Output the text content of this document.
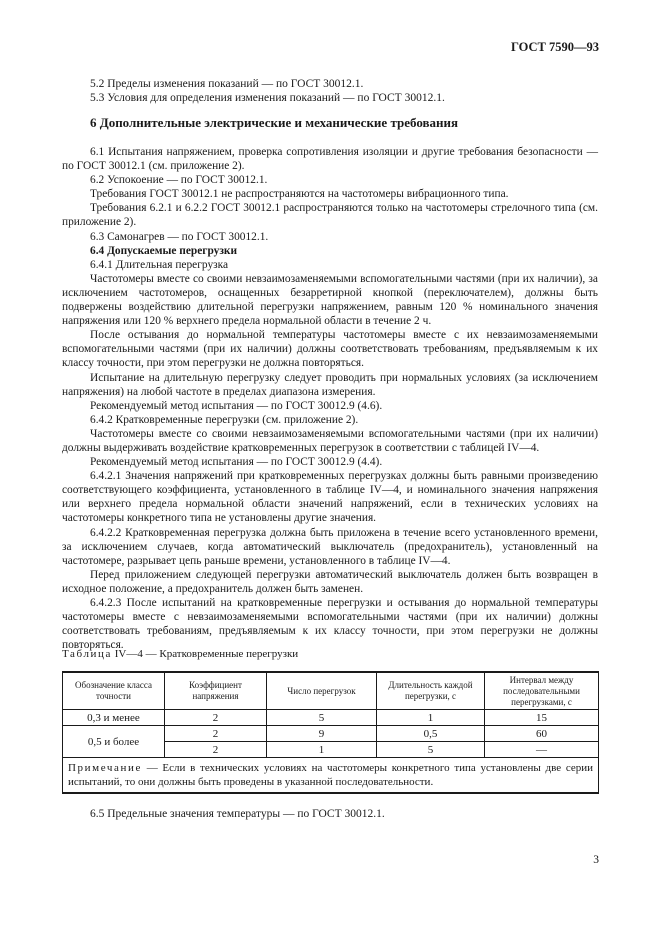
ГОСТ 7590—93
5.2 Пределы изменения показаний — по ГОСТ 30012.1.
5.3 Условия для определения изменения показаний — по ГОСТ 30012.1.
6 Дополнительные электрические и механические требования

6.1 Испытания напряжением, проверка сопротивления изоляции и другие требования безопасности — по ГОСТ 30012.1 (см. приложение 2).

6.2 Успокоение — по ГОСТ 30012.1.

Требования ГОСТ 30012.1 не распространяются на частотомеры вибрационного типа.

Требования 6.2.1 и 6.2.2 ГОСТ 30012.1 распространяются только на частотомеры стрелочного типа (см. приложение 2).

6.3 Самонагрев — по ГОСТ 30012.1.

6.4 Допускаемые перегрузки

6.4.1 Длительная перегрузка

Частотомеры вместе со своими невзаимозаменяемыми вспомогательными частями (при их наличии), за исключением частотомеров, оснащенных безарретирной кнопкой (переключателем), должны быть подвержены воздействию длительной перегрузки напряжением, равным 120 % номинального значения напряжения или 120 % верхнего предела нормальной области в течение 2 ч.

После остывания до нормальной температуры частотомеры вместе с их невзаимозаменяемыми вспомогательными частями (при их наличии) должны соответствовать требованиям, предъявляемым к их классу точности, при этом перегрузки не должна повторяться.

Испытание на длительную перегрузку следует проводить при нормальных условиях (за исключением напряжения) на любой частоте в пределах диапазона измерения.

Рекомендуемый метод испытания — по ГОСТ 30012.9 (4.6).

6.4.2 Кратковременные перегрузки (см. приложение 2).

Частотомеры вместе со своими невзаимозаменяемыми вспомогательными частями (при их наличии) должны выдерживать воздействие кратковременных перегрузок в соответствии с таблицей IV—4.

Рекомендуемый метод испытания — по ГОСТ 30012.9 (4.4).

6.4.2.1 Значения напряжений при кратковременных перегрузках должны быть равными произведению соответствующего коэффициента, установленного в таблице IV—4, и номинального значения напряжения или верхнего предела нормальной области значений напряжений, если в технических условиях на частотомеры конкретного типа не установлены другие значения.

6.4.2.2 Кратковременная перегрузка должна быть приложена в течение всего установленного времени, за исключением случаев, когда автоматический выключатель (предохранитель), установленный на частотомере, разрывает цепь раньше времени, установленного в таблице IV—4.

Перед приложением следующей перегрузки автоматический выключатель должен быть возвращен в исходное положение, а предохранитель должен быть заменен.

6.4.2.3 После испытаний на кратковременные перегрузки и остывания до нормальной температуры частотомеры вместе с невзаимозаменяемыми вспомогательными частями (при их наличии) должны соответствовать требованиям, предъявляемым к их классу точности, при этом перегрузки не должны повторяться.

Таблица IV—4 — Кратковременные перегрузки
Обозначение класса точности	Коэффициент напряжения	Число перегрузок	Длительность каждой перегрузки, с	Интервал между последовательными перегрузками, с
0,3 и менее	2	5	1	15
0,5 и более	2	9	0,5	60
	2	1	5	—
Примечание — Если в технических условиях на частотомеры конкретного типа установлены две серии испытаний, то они должны быть проведены в указанной последовательности.				
6.5 Предельные значения температуры — по ГОСТ 30012.1.
3
